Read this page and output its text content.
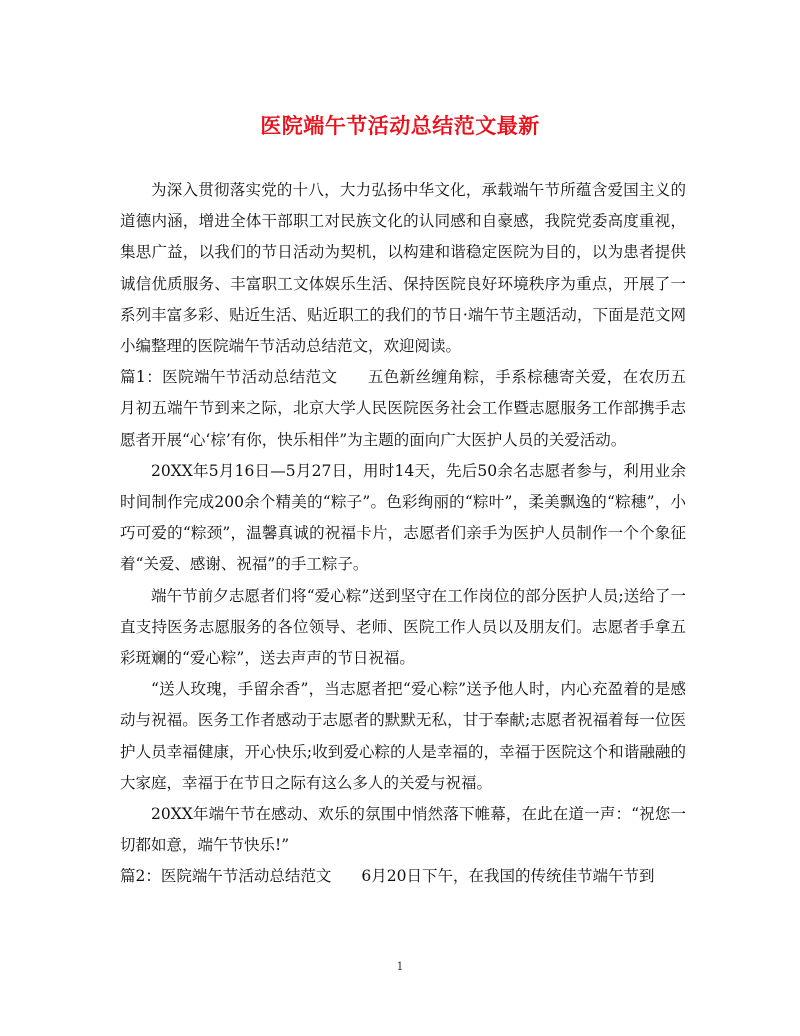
医院端午节活动总结范文最新

为深入贯彻落实党的十八，大力弘扬中华文化，承载端午节所蕴含爱国主义的道德内涵，增进全体干部职工对民族文化的认同感和自豪感，我院党委高度重视，集思广益，以我们的节日活动为契机，以构建和谐稳定医院为目的，以为患者提供诚信优质服务、丰富职工文体娱乐生活、保持医院良好环境秩序为重点，开展了一系列丰富多彩、贴近生活、贴近职工的我们的节日·端午节主题活动，下面是范文网小编整理的医院端午节活动总结范文，欢迎阅读。

篇1：医院端午节活动总结范文 五色新丝缠角粽，手系棕穗寄关爱，在农历五月初五端午节到来之际，北京大学人民医院医务社会工作暨志愿服务工作部携手志愿者开展“心‘棕’有你，快乐相伴”为主题的面向广大医护人员的关爱活动。

20XX年5月16日—5月27日，用时14天，先后50余名志愿者参与，利用业余时间制作完成200余个精美的“粽子”。色彩绚丽的“粽叶”，柔美飘逸的“粽穗”，小巧可爱的“粽颈”，温馨真诚的祝福卡片，志愿者们亲手为医护人员制作一个个象征着“关爱、感谢、祝福”的手工粽子。

端午节前夕志愿者们将“爱心粽”送到坚守在工作岗位的部分医护人员;送给了一直支持医务志愿服务的各位领导、老师、医院工作人员以及朋友们。志愿者手拿五彩斑斓的“爱心粽”，送去声声的节日祝福。

“送人玫瑰，手留余香”，当志愿者把“爱心粽”送予他人时，内心充盈着的是感动与祝福。医务工作者感动于志愿者的默默无私，甘于奉献;志愿者祝福着每一位医护人员幸福健康，开心快乐;收到爱心粽的人是幸福的，幸福于医院这个和谐融融的大家庭，幸福于在节日之际有这么多人的关爱与祝福。

20XX年端午节在感动、欢乐的氛围中悄然落下帷幕，在此在道一声：“祝您一切都如意，端午节快乐!”

篇2：医院端午节活动总结范文 6月20日下午，在我国的传统佳节端午节到

1
